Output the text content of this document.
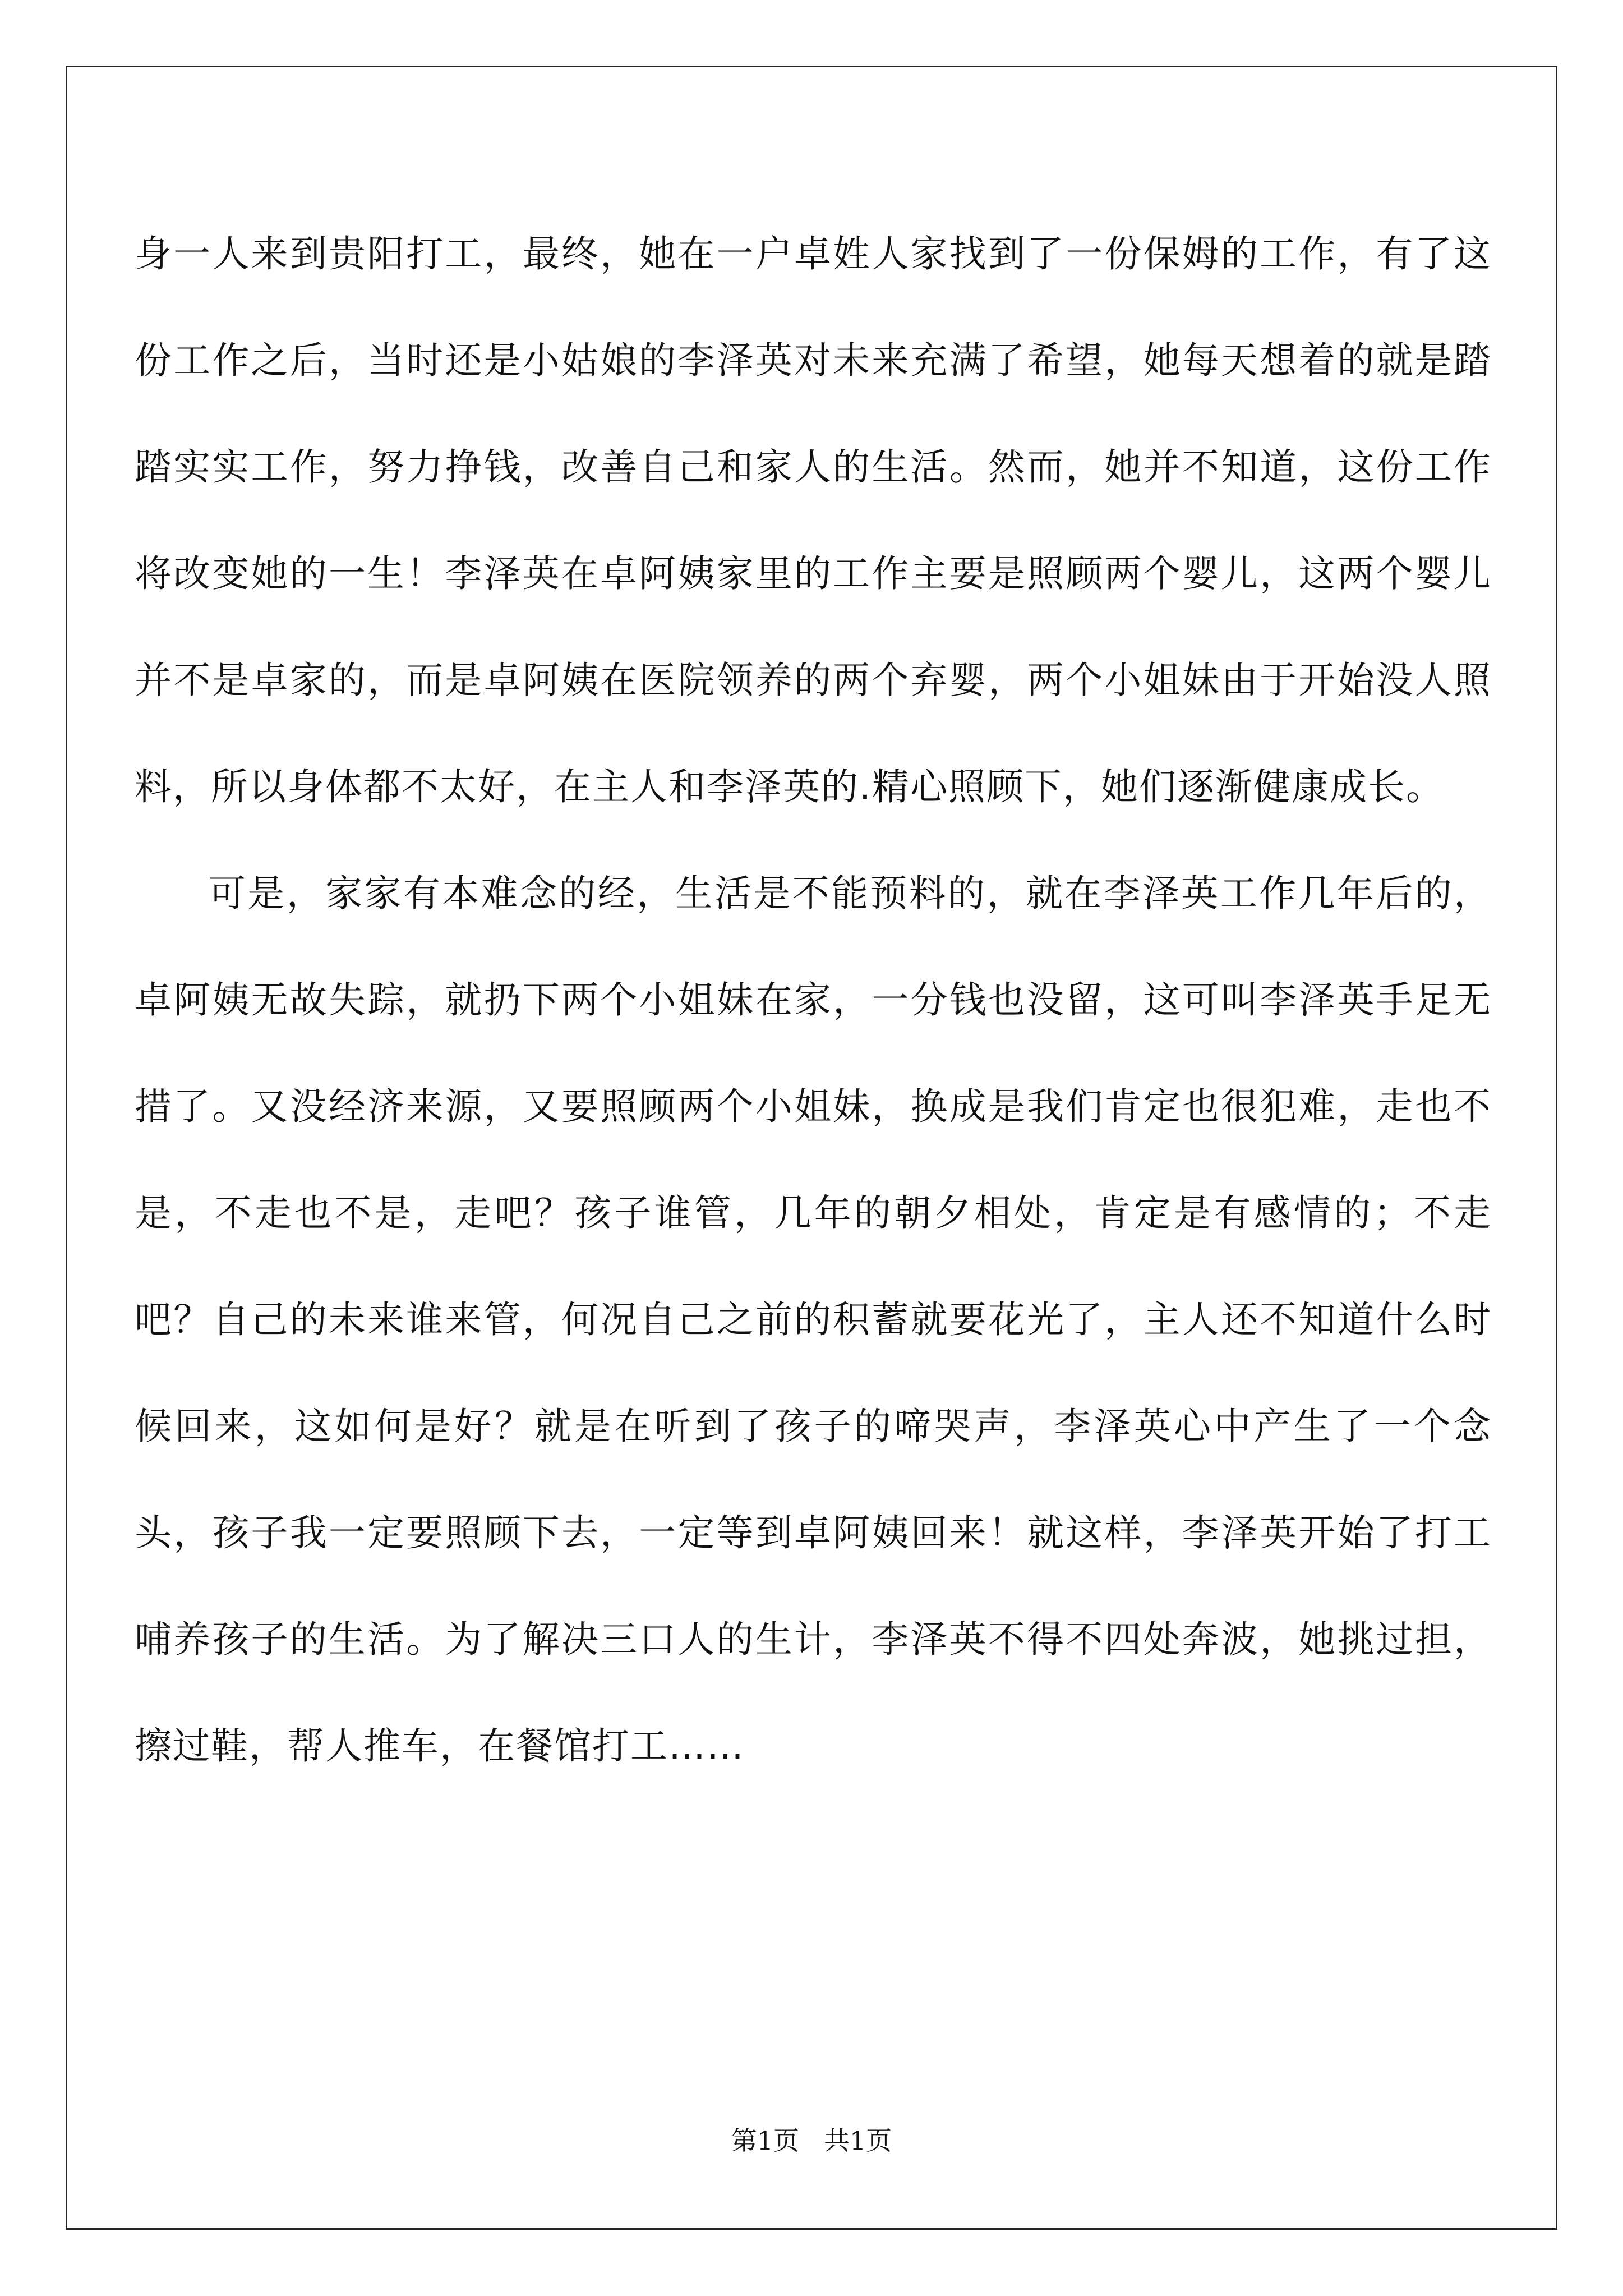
身一人来到贵阳打工，最终，她在一户卓姓人家找到了一份保姆的工作，有了这份工作之后，当时还是小姑娘的李泽英对未来充满了希望，她每天想着的就是踏踏实实工作，努力挣钱，改善自己和家人的生活。然而，她并不知道，这份工作将改变她的一生！李泽英在卓阿姨家里的工作主要是照顾两个婴儿，这两个婴儿并不是卓家的，而是卓阿姨在医院领养的两个弃婴，两个小姐妹由于开始没人照料，所以身体都不太好，在主人和李泽英的.精心照顾下，她们逐渐健康成长。

可是，家家有本难念的经，生活是不能预料的，就在李泽英工作几年后的，卓阿姨无故失踪，就扔下两个小姐妹在家，一分钱也没留，这可叫李泽英手足无措了。又没经济来源，又要照顾两个小姐妹，换成是我们肯定也很犯难，走也不是，不走也不是，走吧？孩子谁管，几年的朝夕相处，肯定是有感情的；不走吧？自己的未来谁来管，何况自己之前的积蓄就要花光了，主人还不知道什么时候回来，这如何是好？就是在听到了孩子的啼哭声，李泽英心中产生了一个念头，孩子我一定要照顾下去，一定等到卓阿姨回来！就这样，李泽英开始了打工哺养孩子的生活。为了解决三口人的生计，李泽英不得不四处奔波，她挑过担，擦过鞋，帮人推车，在餐馆打工……

第1页 共1页
